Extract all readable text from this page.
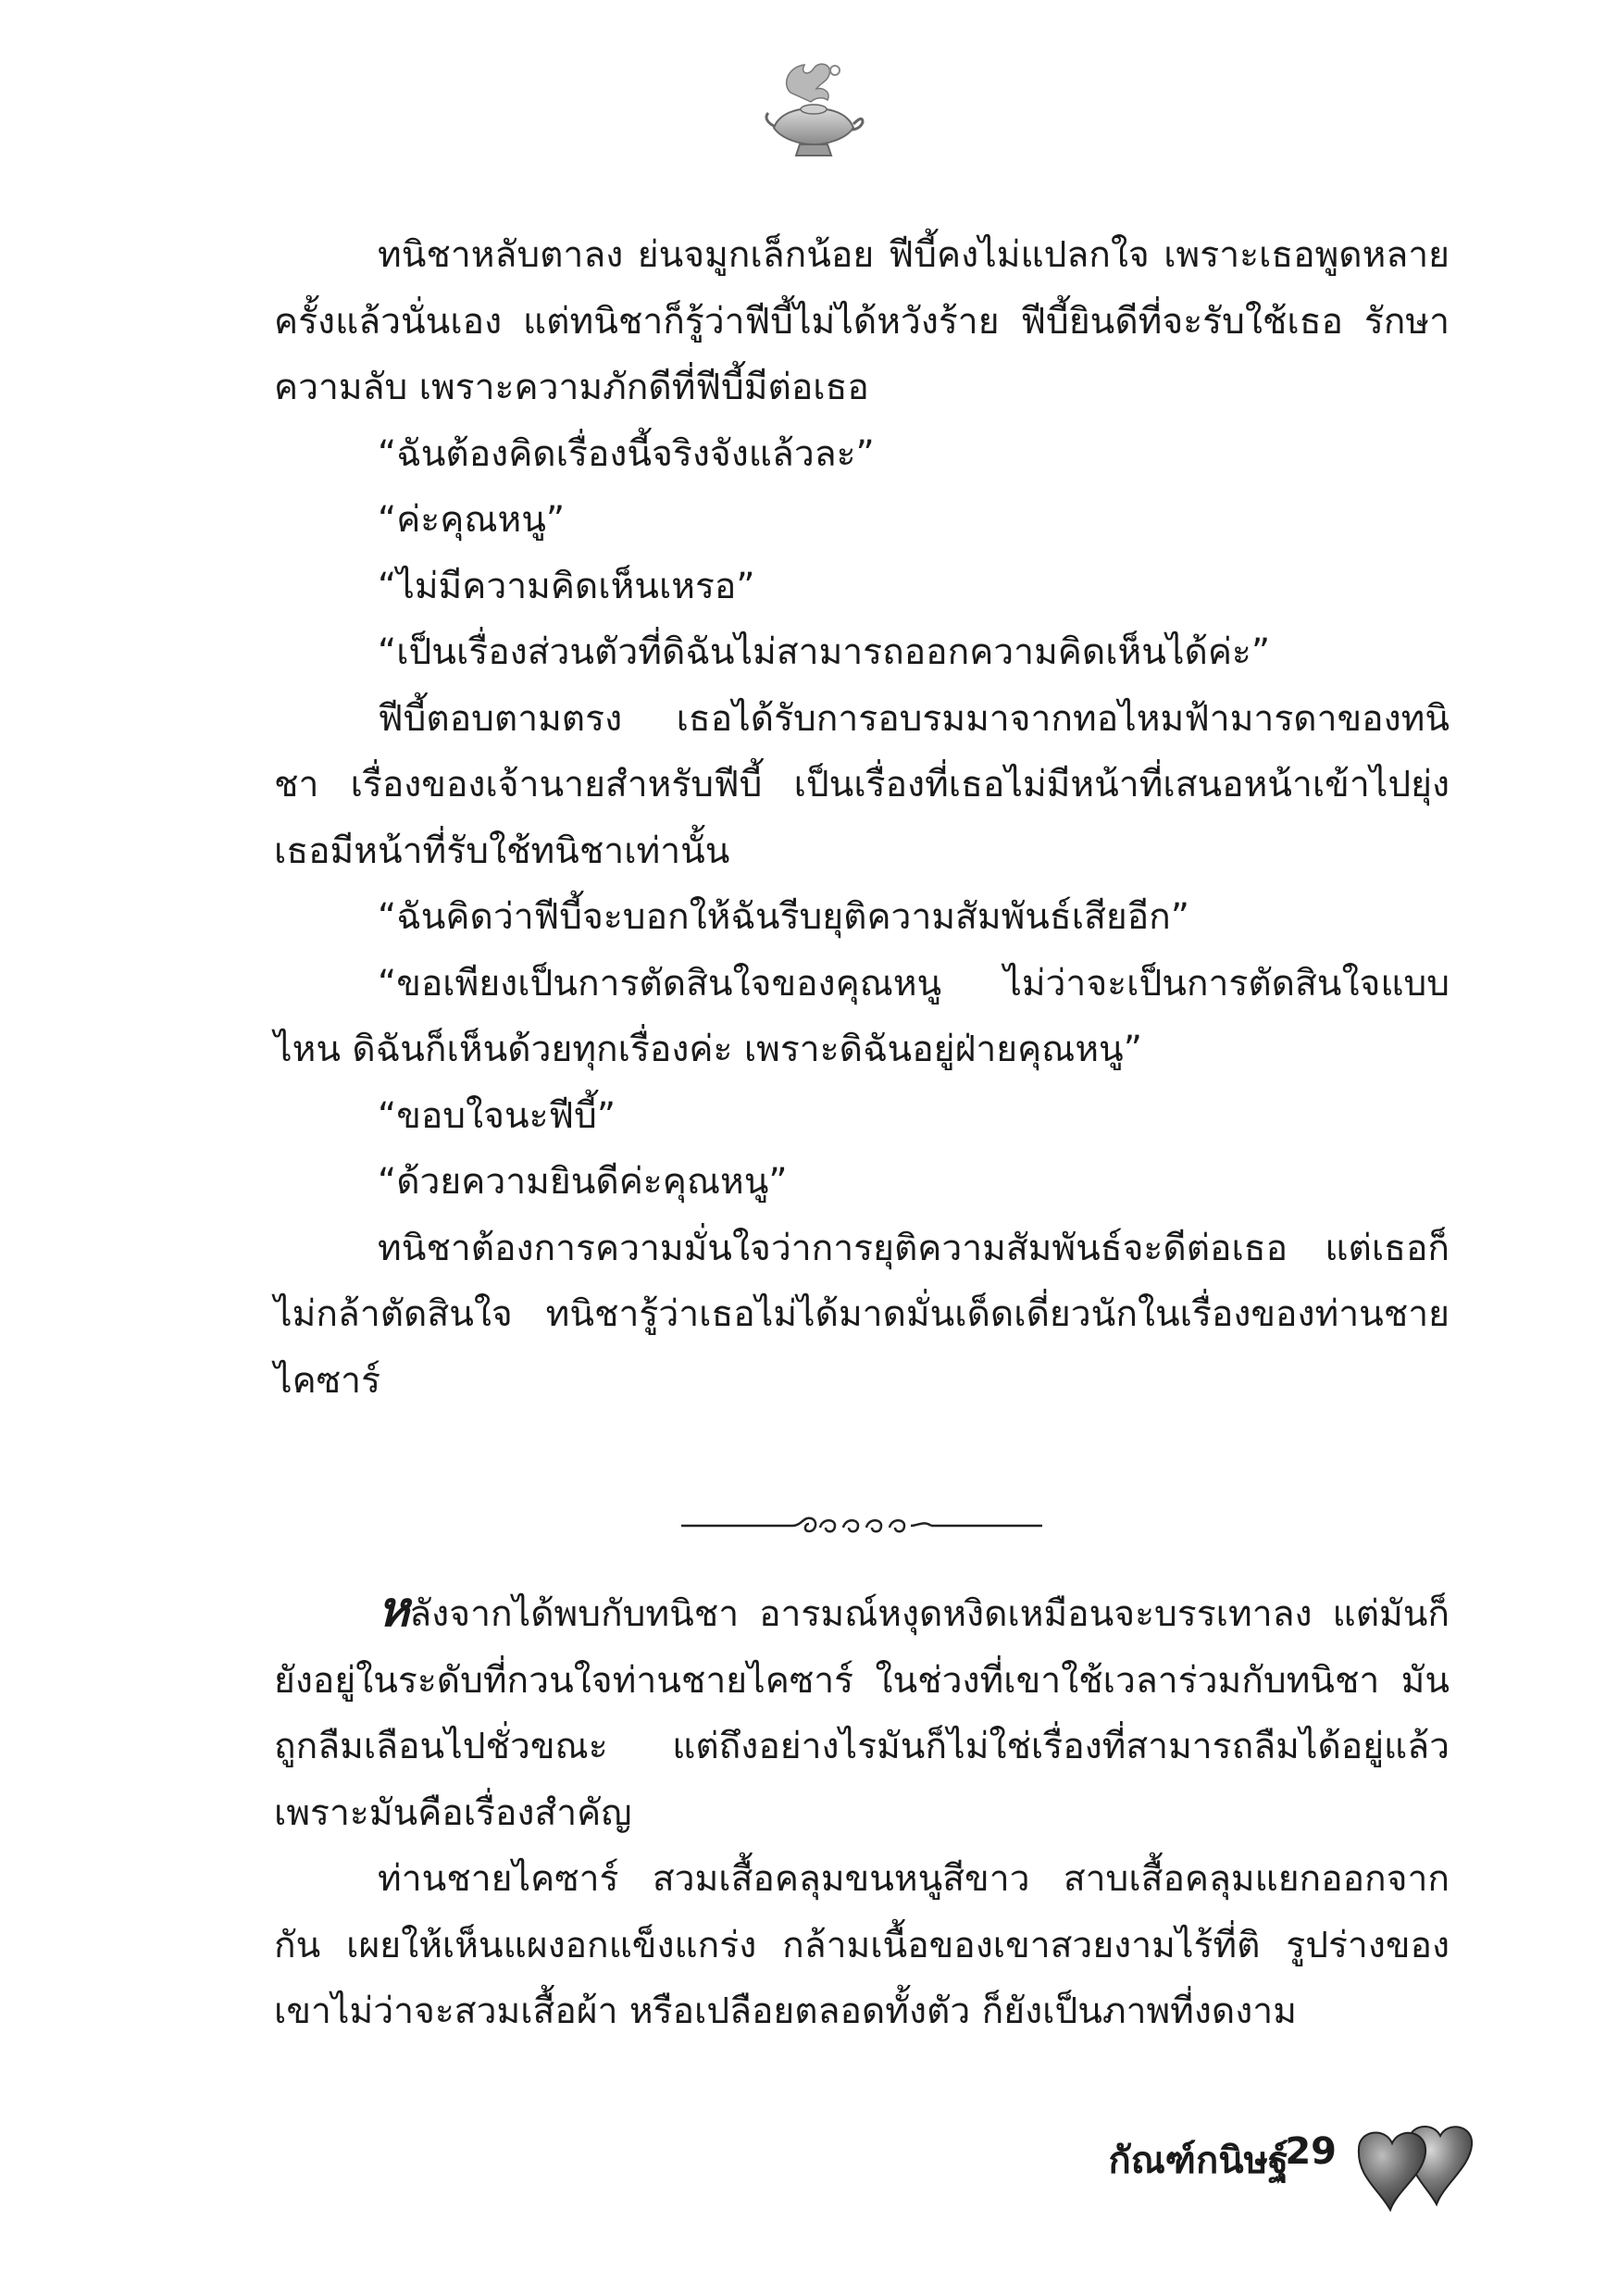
ทนิชาหลับตาลง ย่นจมูกเล็กน้อย ฟีบี้คงไม่แปลกใจ เพราะเธอพูดหลายครั้งแล้วนั่นเอง แต่ทนิชาก็รู้ว่าฟีบี้ไม่ได้หวังร้าย ฟีบี้ยินดีที่จะรับใช้เธอ รักษาความลับ เพราะความภักดีที่ฟีบี้มีต่อเธอ

“ฉันต้องคิดเรื่องนี้จริงจังแล้วละ”

“ค่ะคุณหนู”

“ไม่มีความคิดเห็นเหรอ”

“เป็นเรื่องส่วนตัวที่ดิฉันไม่สามารถออกความคิดเห็นได้ค่ะ”

ฟีบี้ตอบตามตรง เธอได้รับการอบรมมาจากทอไหมฟ้ามารดาของทนิชา เรื่องของเจ้านายสำหรับฟีบี้ เป็นเรื่องที่เธอไม่มีหน้าที่เสนอหน้าเข้าไปยุ่ง เธอมีหน้าที่รับใช้ทนิชาเท่านั้น

“ฉันคิดว่าฟีบี้จะบอกให้ฉันรีบยุติความสัมพันธ์เสียอีก”

“ขอเพียงเป็นการตัดสินใจของคุณหนู ไม่ว่าจะเป็นการตัดสินใจแบบไหน ดิฉันก็เห็นด้วยทุกเรื่องค่ะ เพราะดิฉันอยู่ฝ่ายคุณหนู”

“ขอบใจนะฟีบี้”

“ด้วยความยินดีค่ะคุณหนู”

ทนิชาต้องการความมั่นใจว่าการยุติความสัมพันธ์จะดีต่อเธอ แต่เธอก็ไม่กล้าตัดสินใจ ทนิชารู้ว่าเธอไม่ได้มาดมั่นเด็ดเดี่ยวนักในเรื่องของท่านชายไคซาร์

หลังจากได้พบกับทนิชา อารมณ์หงุดหงิดเหมือนจะบรรเทาลง แต่มันก็ยังอยู่ในระดับที่กวนใจท่านชายไคซาร์ ในช่วงที่เขาใช้เวลาร่วมกับทนิชา มันถูกลืมเลือนไปชั่วขณะ แต่ถึงอย่างไรมันก็ไม่ใช่เรื่องที่สามารถลืมได้อยู่แล้ว เพราะมันคือเรื่องสำคัญ

ท่านชายไคซาร์ สวมเสื้อคลุมขนหนูสีขาว สาบเสื้อคลุมแยกออกจากกัน เผยให้เห็นแผงอกแข็งแกร่ง กล้ามเนื้อของเขาสวยงามไร้ที่ติ รูปร่างของเขาไม่ว่าจะสวมเสื้อผ้า หรือเปลือยตลอดทั้งตัว ก็ยังเป็นภาพที่งดงาม

กัณฑ์กนิษฐ์
29
